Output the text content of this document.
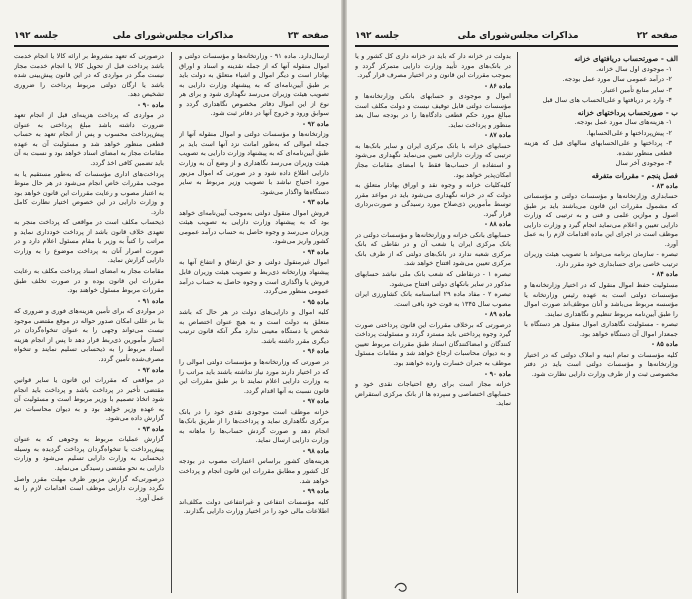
صفحه ۲۳
مذاکرات مجلس‌شورای ملی
جلسه ۱۹۲

ارسال‌دارد. ماده ۹۱ - وزارتخانه‌ها و مؤسسات دولتی و اموال منقوله آنها که از جمله نقدینه و اسناد و اوراق بهادار است و دیگر اموال و اشیاء متعلق به دولت باید بر طبق آیین‌نامه‌ای که به پیشنهاد وزارت دارایی به تصویب هیئت وزیران می‌رسد نگهداری شود و برای هر نوع از این اموال دفاتر مخصوص نگاهداری گردد و سوابق ورود و خروج آنها در دفاتر ثبت شود.

ماده ۹۲ -

وزارتخانه‌ها و مؤسسات دولتی و اموال منقوله آنها از جمله اموالی که به‌طور امانت نزد آنها است باید بر طبق آیین‌نامه‌ای که به پیشنهاد وزارت دارایی به تصویب هیئت وزیران می‌رسد نگاهداری و از وضع آن به وزارت دارایی اطلاع داده شود و در صورتی که اموال مزبور مورد احتیاج نباشد با تصویب وزیر مربوط به سایر دستگاه‌ها واگذار می‌شود.

ماده ۹۳ -

فروش اموال منقول دولتی به‌موجب آیین‌نامه‌ای خواهد بود که به پیشنهاد وزارت دارایی به تصویب هیئت وزیران می‌رسد و وجوه حاصل به حساب درآمد عمومی کشور واریز می‌شود.

ماده ۹۴ -

اموال غیرمنقول دولتی و حق ارتفاق و انتفاع آنها به پیشنهاد وزارتخانه ذی‌ربط و تصویب هیئت وزیران قابل فروش یا واگذاری است و وجوه حاصل به حساب درآمد عمومی منظور می‌گردد.

ماده ۹۵ -

کلیه اموال و دارایی‌های دولت در هر حال که باشد متعلق به دولت است و به هیچ عنوان اختصاص به شخص یا دستگاه معینی ندارد مگر آنکه قانون ترتیب دیگری مقرر داشته باشد.

ماده ۹۶ -

در صورتی که وزارتخانه‌ها و مؤسسات دولتی اموالی را که در اختیار دارند مورد نیاز نداشته باشند باید مراتب را به وزارت دارایی اعلام نمایند تا بر طبق مقررات این قانون نسبت به آنها اقدام گردد.

ماده ۹۷ -

خزانه موظف است موجودی نقدی خود را در بانک مرکزی نگاهداری نماید و پرداخت‌ها را از طریق بانک‌ها انجام دهد و صورت گردش حساب‌ها را ماهانه به وزارت دارایی ارسال نماید.

ماده ۹۸ -

هزینه‌های کشور براساس اعتبارات مصوب در بودجه کل کشور و مطابق مقررات این قانون انجام و پرداخت خواهد شد.

ماده ۹۹ -

کلیه مؤسسات انتفاعی و غیرانتفاعی دولت مکلف‌اند اطلاعات مالی خود را در اختیار وزارت دارایی بگذارند.

درصورتی که تعهد مشروط بر ارائه کالا یا انجام خدمت باشد پرداخت قبل از تحویل کالا یا انجام خدمت مجاز نیست مگر در مواردی که در این قانون پیش‌بینی شده باشد یا ارگان دولتی مربوط پرداخت را ضروری تشخیص دهد.

ماده ۹۰ -

در مواردی که پرداخت هزینه‌ای قبل از انجام تعهد ضرورت داشته باشد مبلغ پرداختی به عنوان پیش‌پرداخت محسوب و پس از انجام تعهد به حساب قطعی منظور خواهد شد و مسئولیت آن به عهده مقامات مجاز به امضای اسناد خواهد بود و نسبت به آن باید تضمین کافی اخذ گردد.

پرداخت‌های اداری مؤسسات که به‌طور مستقیم یا به موجب مقررات خاص انجام می‌شود در هر حال منوط به اعتبار مصوب و رعایت مقررات این قانون خواهد بود و وزارت دارایی در این خصوص اختیار نظارت کامل دارد.

ذیحساب مکلف است در مواقعی که پرداخت منجر به تعهدی خلاف قانون باشد از پرداخت خودداری نماید و مراتب را کتباً به وزیر یا مقام مسئول اعلام دارد و در صورت اصرار آنان به پرداخت موضوع را به وزارت دارایی گزارش نماید.

مقامات مجاز به امضای اسناد پرداخت مکلف به رعایت مقررات این قانون بوده و در صورت تخلف طبق مقررات مربوط مسئول خواهند بود.

ماده ۹۱ -

در مواردی که برای تأمین هزینه‌های فوری و ضروری که بنا بر عللی امکان صدور حواله در موقع مقتضی موجود نیست می‌تواند وجهی را به عنوان تنخواه‌گردان در اختیار مأمورین ذی‌ربط قرار دهد تا پس از انجام هزینه اسناد مربوط را به ذیحسابی تسلیم نمایند و تنخواه مصرف‌شده تأمین گردد.

ماده ۹۲ -

در مواقعی که مقررات این قانون یا سایر قوانین مقتضی تأخیر در پرداخت باشد و پرداخت باید انجام شود اتخاذ تصمیم با وزیر مربوط است و مسئولیت آن به عهده وزیر خواهد بود و به دیوان محاسبات نیز گزارش داده می‌شود.

ماده ۹۳ -

گزارش عملیات مربوط به وجوهی که به عنوان پیش‌پرداخت یا تنخواه‌گردان پرداخت گردیده به وسیله ذیحسابی به وزارت دارایی تسلیم می‌شود و وزارت دارایی به نحو مقتضی رسیدگی می‌نماید.

درصورتی‌که گزارش مزبور ظرف مهلت مقرر واصل نگردد وزارت دارایی موظف است اقدامات لازم را به عمل آورد.

صفحه ۲۲
مذاکرات مجلس‌شورای ملی
جلسه ۱۹۲

الف - صورتحساب دریافتهای خزانه

۱- موجودی اول سال خزانه.

۲- درآمد عمومی سال مورد عمل بودجه.

۳- سایر منابع تأمین اعتبار.

۴- وارد بر دریافتها و علی‌الحساب های سال قبل

ب - صورتحساب پرداختهای خزانه

۱- هزینه‌های سال مورد عمل بودجه.

۲- پیش‌پرداختها و علی‌الحسابها.

۳- پرداختها و علی‌الحسابهای سالهای قبل که هزینه قطعی منظور نشده.

۴- موجودی آخر سال

فصل پنجم - مقررات متفرقه

ماده ۸۳ -

حسابداری وزارتخانه‌ها و مؤسسات دولتی و مؤسساتی که مشمول مقررات این قانون می‌باشند باید بر طبق اصول و موازین علمی و فنی و به ترتیبی که وزارت دارایی تعیین و اعلام می‌نماید انجام گیرد و وزارت دارایی موظف است در اجرای این ماده اقدامات لازم را به عمل آورد.

تبصره - سازمان برنامه می‌تواند با تصویب هیئت وزیران ترتیب خاصی برای حسابداری خود مقرر دارد.

ماده ۸۴ -

مسئولیت حفظ اموال منقول که در اختیار وزارتخانه‌ها و مؤسسات دولتی است به عهده رئیس وزارتخانه یا مؤسسه مربوط می‌باشد و آنان موظف‌اند صورت اموال را طبق آیین‌نامه مربوط تنظیم و نگاهداری نمایند.

تبصره - مسئولیت نگاهداری اموال منقول هر دستگاه با جمعدار اموال آن دستگاه خواهد بود.

ماده ۸۵ -

کلیه مؤسسات و تمام ابنیه و املاک دولتی که در اختیار وزارتخانه‌ها و مؤسسات دولتی است باید در دفتر مخصوصی ثبت و از طرف وزارت دارایی نظارت شود.

بدولت در خزانه دار که باید در خزانه داری کل کشور و یا در بانک‌های مورد تأیید وزارت دارایی متمرکز گردد و بموجب مقررات این قانون و در اختیار مصرف قرار گیرد.

ماده ۸۶ -

اموال و موجودی و حسابهای بانکی وزارتخانه‌ها و مؤسسات دولتی قابل توقیف نیست و دولت مکلف است مبالغ مورد حکم قطعی دادگاه‌ها را در بودجه سال بعد منظور و پرداخت نماید.

ماده ۸۷ -

حسابهای خزانه با بانک مرکزی ایران و سایر بانک‌ها به ترتیبی که وزارت دارایی تعیین می‌نماید نگهداری می‌شود و استفاده از حساب‌ها فقط با امضای مقامات مجاز امکان‌پذیر خواهد بود.

کلیه‌کلیات خزانه و وجوه نقد و اوراق بهادار متعلق به دولت که در خزانه نگهداری می‌شود باید در مواعد مقرر توسط مأمورین ذی‌صلاح مورد رسیدگی و صورت‌برداری قرار گیرد.

ماده ۸۸ -

حسابهای بانکی خزانه و وزارتخانه‌ها و مؤسسات دولتی در بانک مرکزی ایران یا شعب آن و در نقاطی که بانک مرکزی شعبه ندارد در بانک‌های دولتی که از طرف بانک مرکزی تعیین می‌شود افتتاح خواهد شد.

تبصره ۱ - درنقاطی که شعب بانک ملی نباشد حسابهای مذکور در سایر بانکهای دولتی افتتاح می‌شود.

تبصره ۲ - مفاد ماده ۲۹ اساسنامه بانک کشاورزی ایران مصوب سال ۱۳۴۵ به قوت خود باقی است.

ماده ۸۹ -

درصورتی که برخلاف مقررات این قانون پرداختی صورت گیرد وجوه پرداختی باید مسترد گردد و مسئولیت پرداخت کنندگان و امضاکنندگان اسناد طبق مقررات مربوط تعیین و به دیوان محاسبات ارجاع خواهد شد و مقامات مسئول موظف به جبران خسارت وارده خواهند بود.

ماده ۹۰ -

خزانه مجاز است برای رفع احتیاجات نقدی خود و حسابهای اختصاصی و سپرده ها از بانک مرکزی استقراض نماید.
